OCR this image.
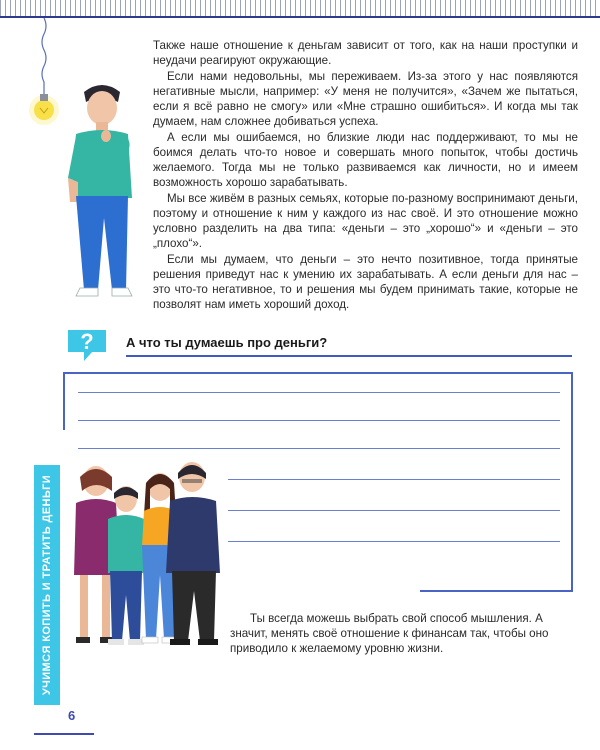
Также наше отношение к деньгам зависит от того, как на наши проступки и неудачи реагируют окружающие.

Если нами недовольны, мы переживаем. Из-за этого у нас появляются негативные мысли, например: «У меня не получится», «Зачем же пытаться, если я всё равно не смогу» или «Мне страшно ошибиться». И когда мы так думаем, нам сложнее добиваться успеха.

А если мы ошибаемся, но близкие люди нас поддерживают, то мы не боимся делать что-то новое и совершать много попыток, чтобы достичь желаемого. Тогда мы не только развиваемся как личности, но и имеем возможность хорошо зарабатывать.

Мы все живём в разных семьях, которые по-разному воспринимают деньги, поэтому и отношение к ним у каждого из нас своё. И это отношение можно условно разделить на два типа: «деньги – это „хорошо“» и «деньги – это „плохо“».

Если мы думаем, что деньги – это нечто позитивное, тогда принятые решения приведут нас к умению их зарабатывать. А если деньги для нас – это что-то негативное, то и решения мы будем принимать такие, которые не позволят нам иметь хороший доход.

? А что ты думаешь про деньги?

Ты всегда можешь выбрать свой способ мышления. А значит, менять своё отношение к финансам так, чтобы оно приводило к желаемому уровню жизни.

УЧИМСЯ КОПИТЬ И ТРАТИТЬ ДЕНЬГИ
6
